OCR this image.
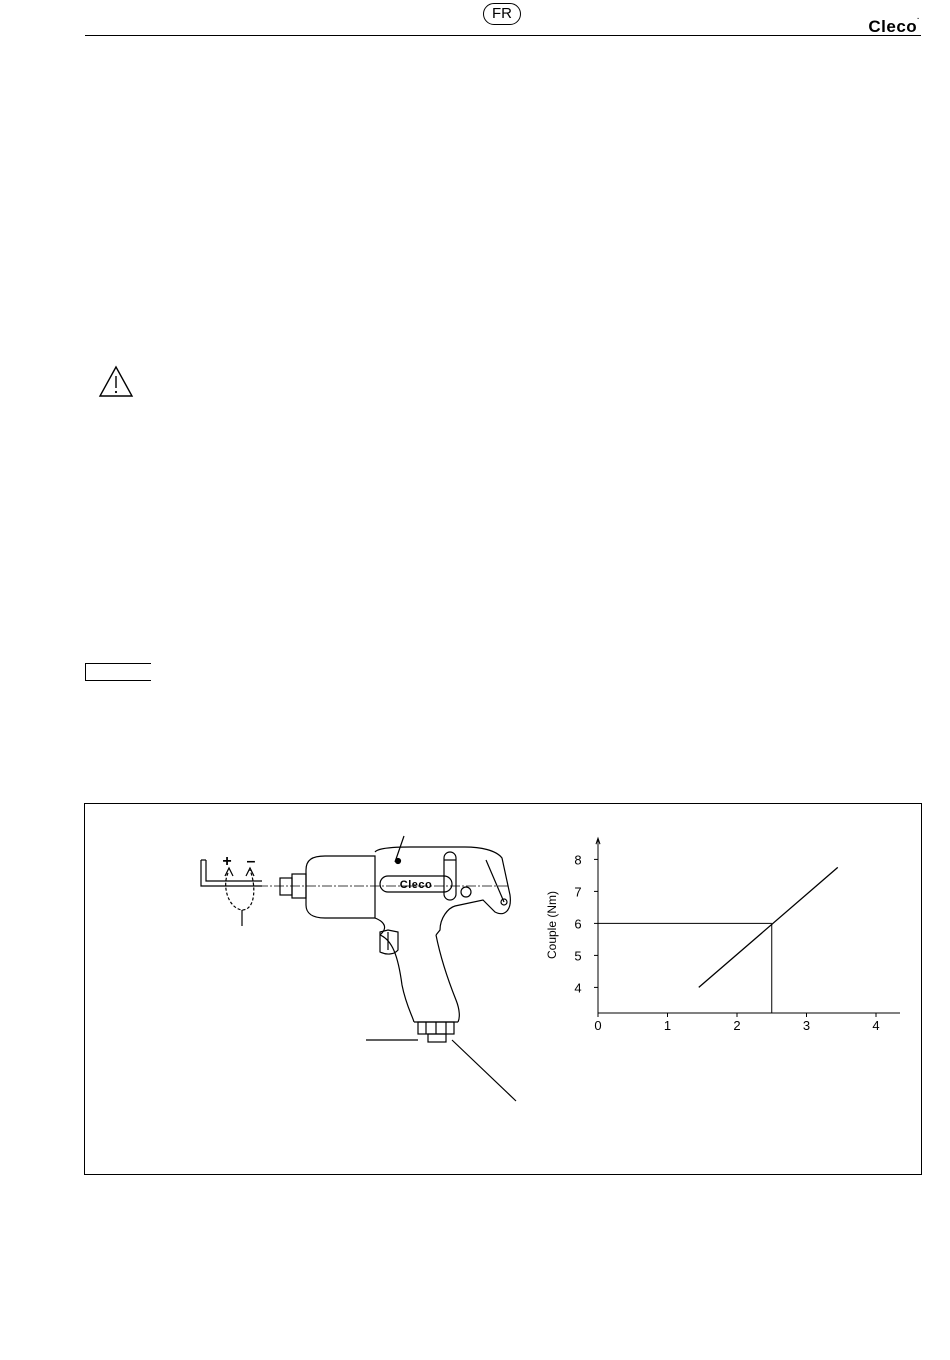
FR
Cleco·
+ –
Cleco
0	1	2	3	4
4
5
6
7
8
Couple (Nm)
